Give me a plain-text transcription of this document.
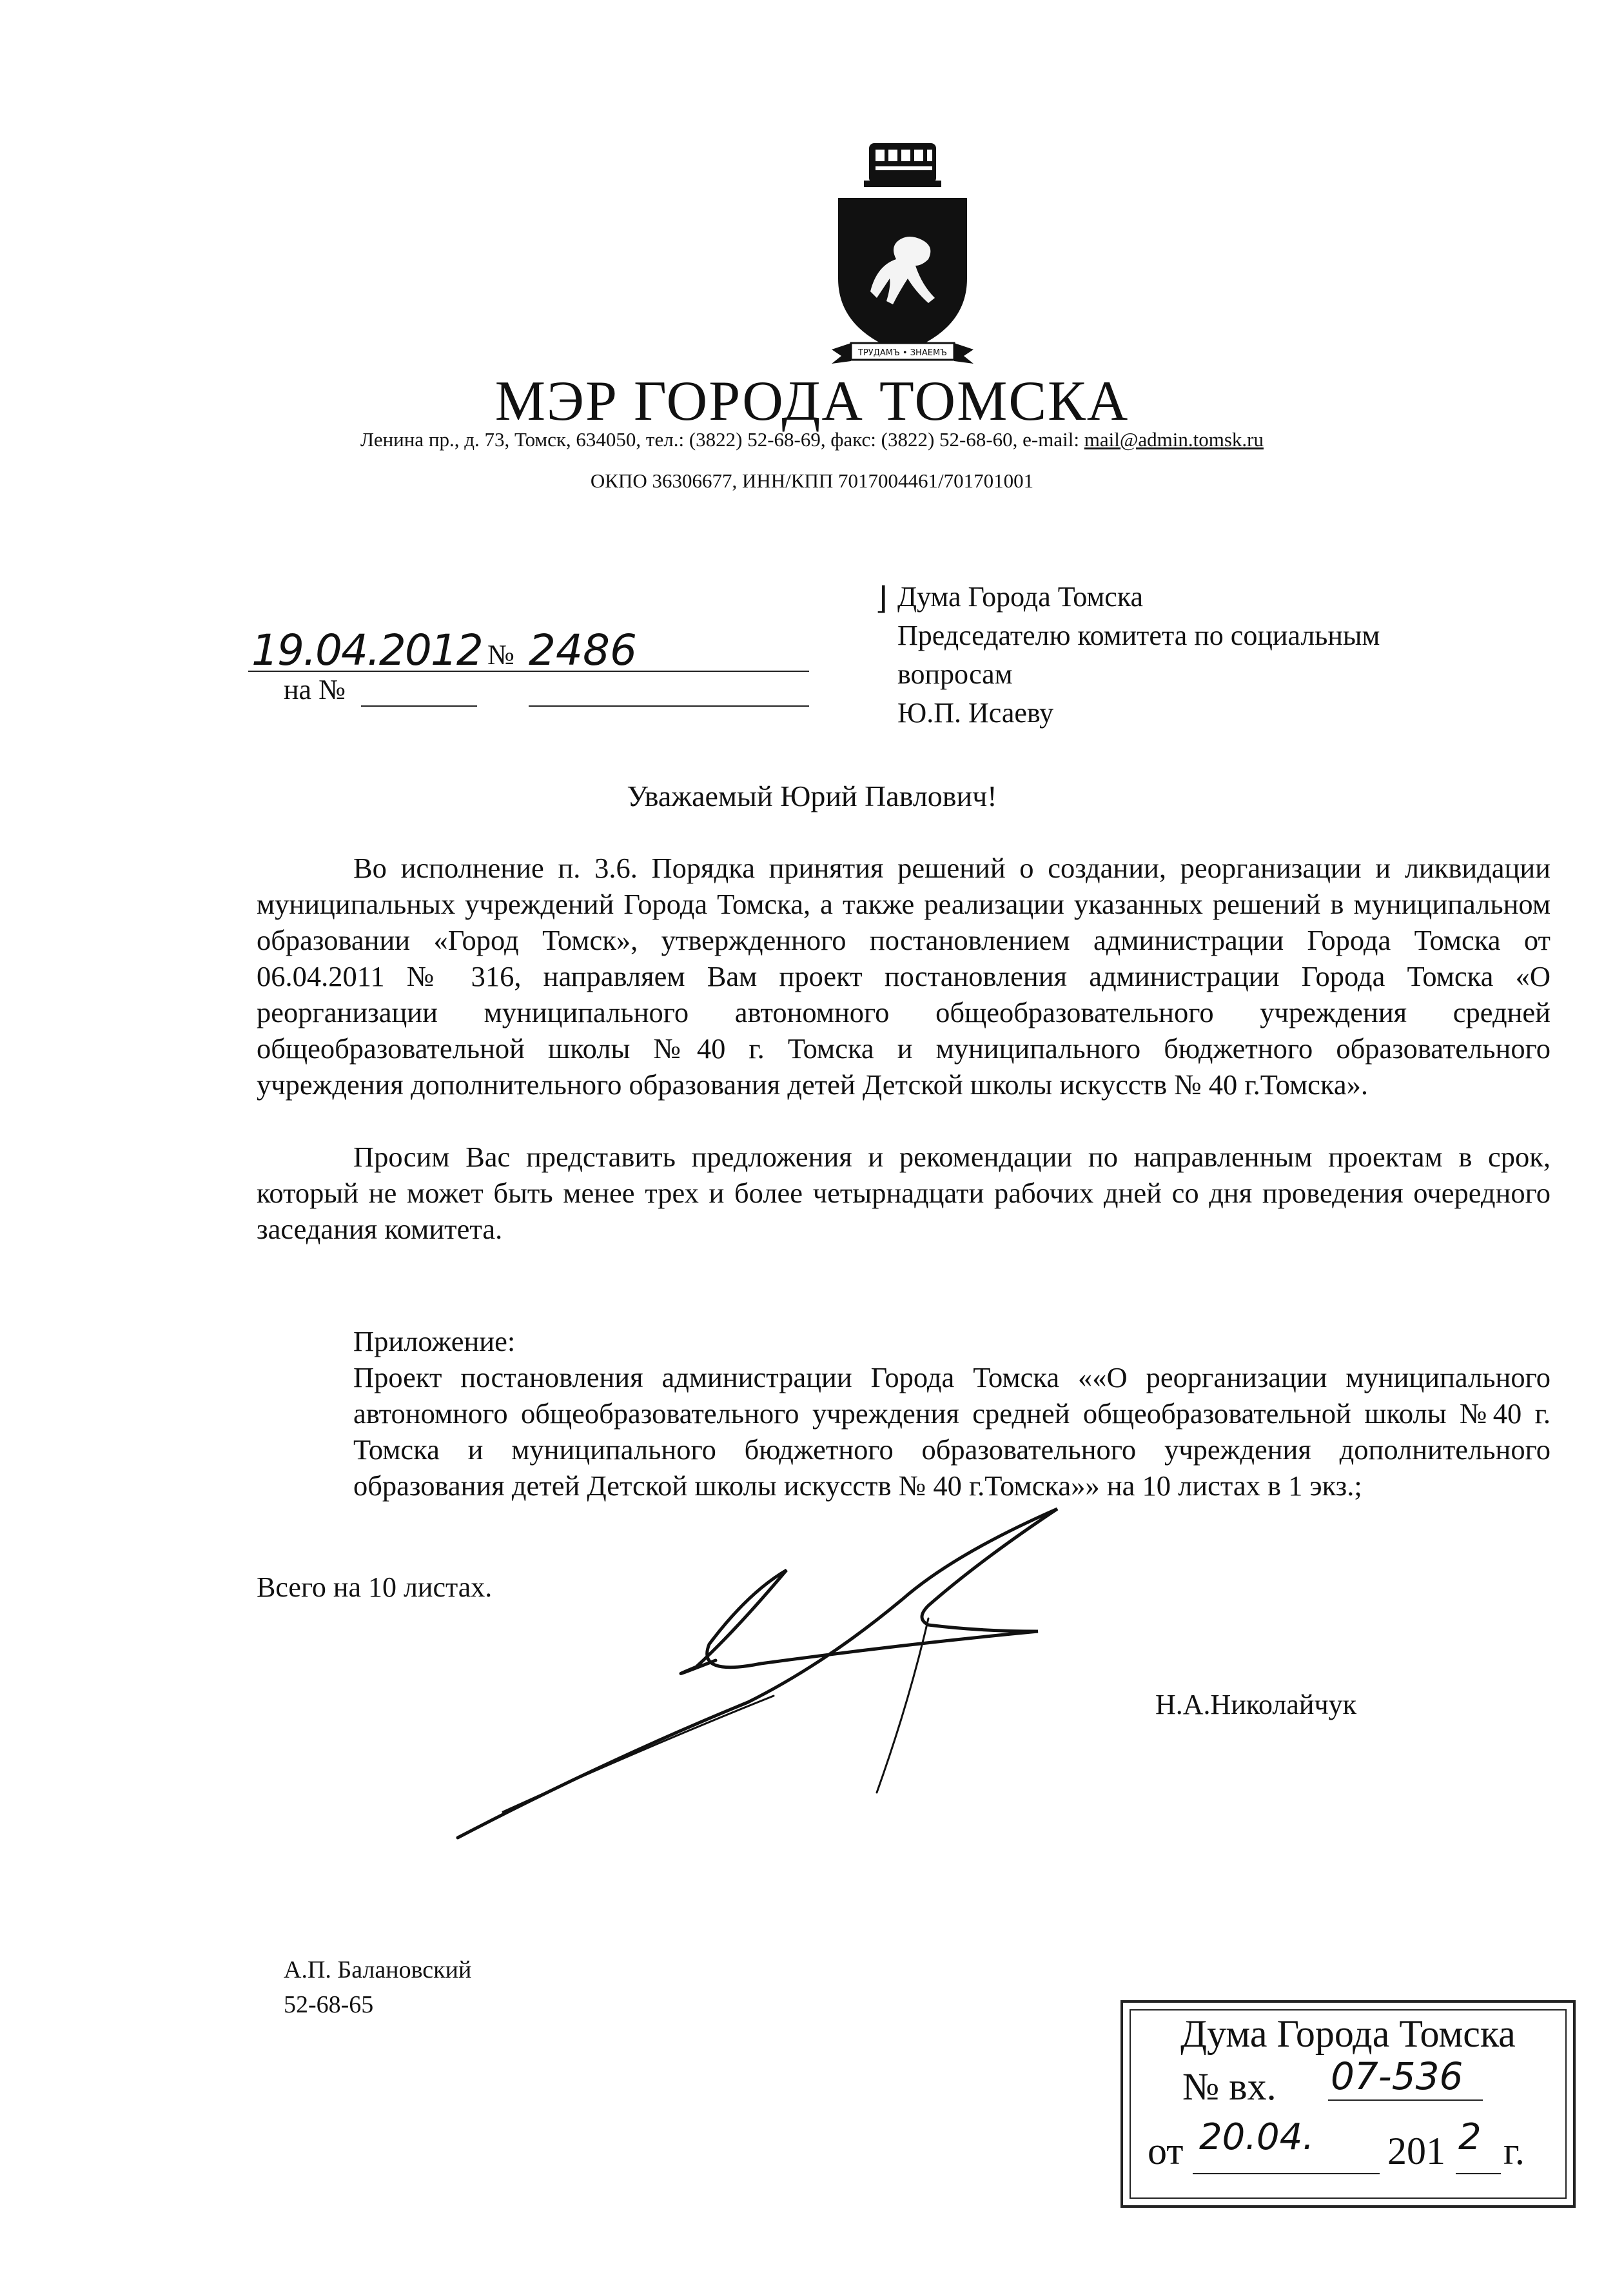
ТРУДАМЪ • ЗНАЕМЪ
МЭР ГОРОДА ТОМСКА
Ленина пр., д. 73, Томск, 634050, тел.: (3822) 52-68-69, факс: (3822) 52-68-60, e-mail: mail@admin.tomsk.ru
ОКПО 36306677, ИНН/КПП 7017004461/701701001
19.04.2012 № 2486
на №
⌋ Дума Города Томска
Председателю комитета по социальным
вопросам
Ю.П. Исаеву
Уважаемый Юрий Павлович!

Во исполнение п. 3.6. Порядка принятия решений о создании, реорганизации и ликвидации муниципальных учреждений Города Томска, а также реализации указанных решений в муниципальном образовании «Город Томск», утвержденного постановлением администрации Города Томска от 06.04.2011 № 316, направляем Вам проект постановления администрации Города Томска «О реорганизации муниципального автономного общеобразовательного учреждения средней общеобразовательной школы №40 г. Томска и муниципального бюджетного образовательного учреждения дополнительного образования детей Детской школы искусств № 40 г.Томска».

Просим Вас представить предложения и рекомендации по направленным проектам в срок, который не может быть менее трех и более четырнадцати рабочих дней со дня проведения очередного заседания комитета.

Приложение:

Проект постановления администрации Города Томска ««О реорганизации муниципального автономного общеобразовательного учреждения средней общеобразовательной школы №40 г. Томска и муниципального бюджетного образовательного учреждения дополнительного образования детей Детской школы искусств № 40 г.Томска»» на 10 листах в 1 экз.;

Всего на 10 листах.
Н.А.Николайчук
А.П. Балановский
52-68-65
Дума Города Томска
№ вх. 07-536
от 20.04. 201 2 г.
